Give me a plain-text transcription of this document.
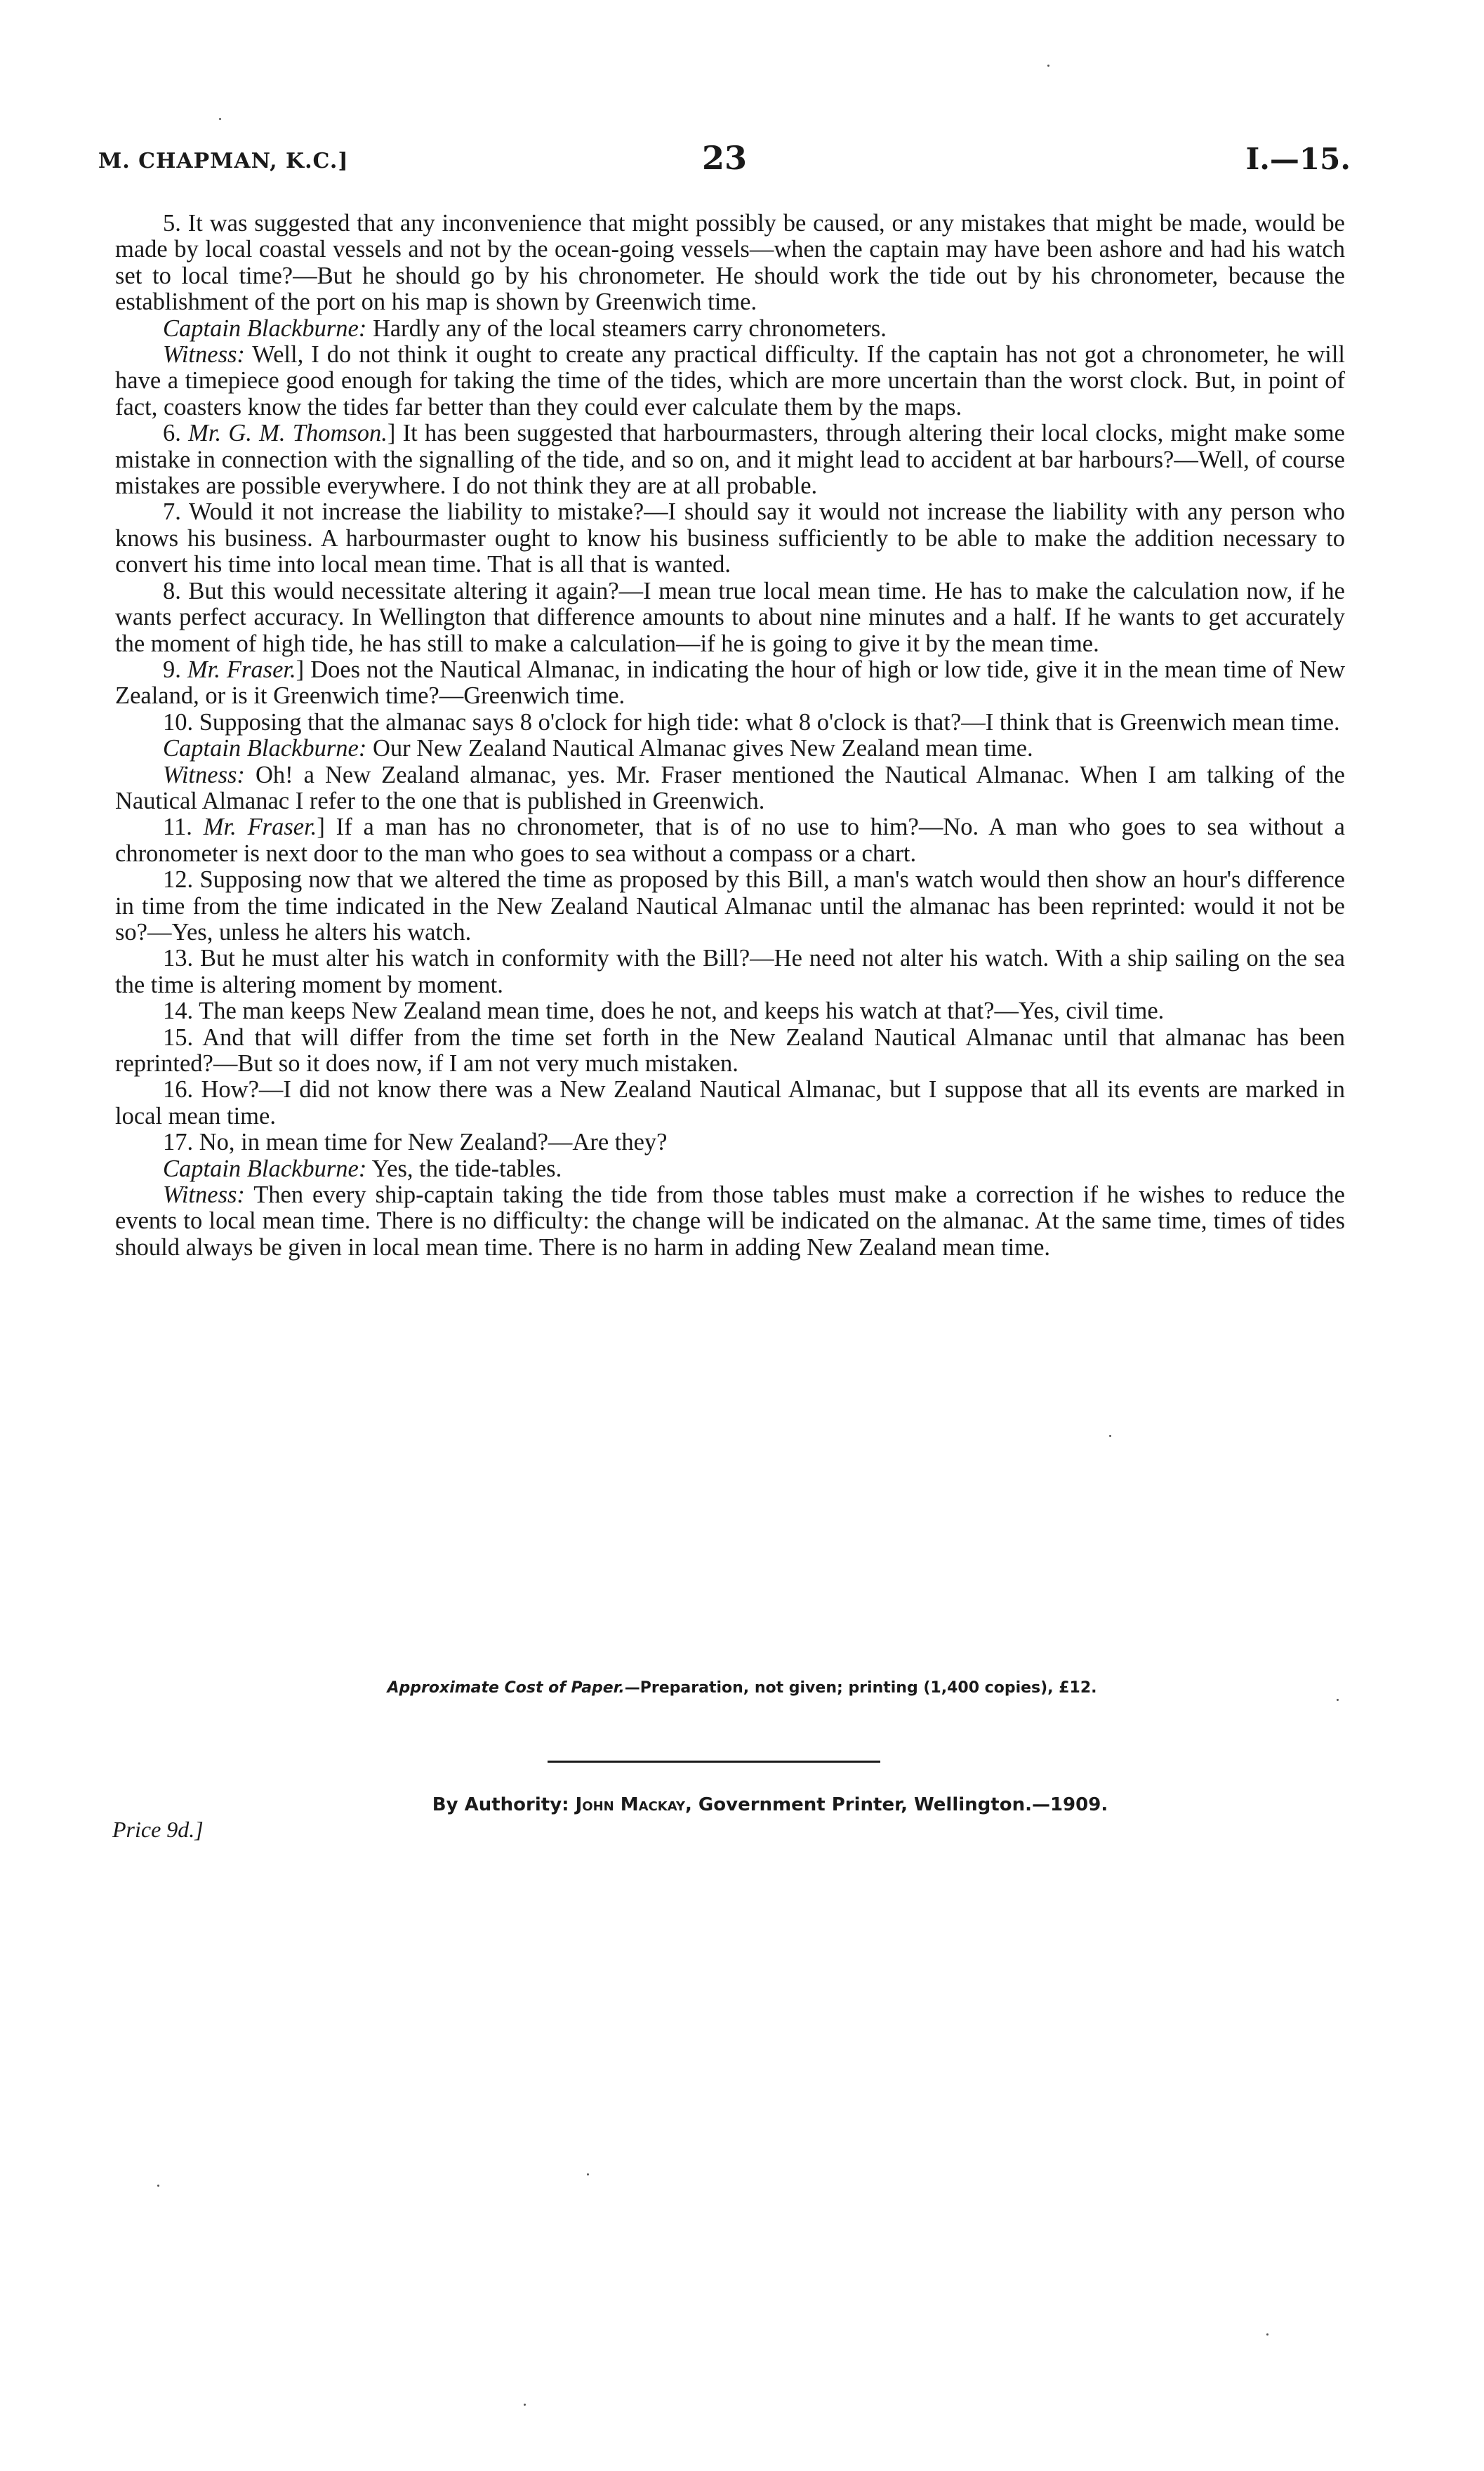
M. CHAPMAN, K.C.]	23	I.—15.

5. It was suggested that any inconvenience that might possibly be caused, or any mistakes that might be made, would be made by local coastal vessels and not by the ocean-going vessels—when the captain may have been ashore and had his watch set to local time?—But he should go by his chronometer. He should work the tide out by his chronometer, because the establishment of the port on his map is shown by Greenwich time.

Captain Blackburne: Hardly any of the local steamers carry chronometers.

Witness: Well, I do not think it ought to create any practical difficulty. If the captain has not got a chronometer, he will have a timepiece good enough for taking the time of the tides, which are more uncertain than the worst clock. But, in point of fact, coasters know the tides far better than they could ever calculate them by the maps.

6. Mr. G. M. Thomson.] It has been suggested that harbourmasters, through altering their local clocks, might make some mistake in connection with the signalling of the tide, and so on, and it might lead to accident at bar harbours?—Well, of course mistakes are possible everywhere. I do not think they are at all probable.

7. Would it not increase the liability to mistake?—I should say it would not increase the liability with any person who knows his business. A harbourmaster ought to know his business sufficiently to be able to make the addition necessary to convert his time into local mean time. That is all that is wanted.

8. But this would necessitate altering it again?—I mean true local mean time. He has to make the calculation now, if he wants perfect accuracy. In Wellington that difference amounts to about nine minutes and a half. If he wants to get accurately the moment of high tide, he has still to make a calculation—if he is going to give it by the mean time.

9. Mr. Fraser.] Does not the Nautical Almanac, in indicating the hour of high or low tide, give it in the mean time of New Zealand, or is it Greenwich time?—Greenwich time.

10. Supposing that the almanac says 8 o'clock for high tide: what 8 o'clock is that?—I think that is Greenwich mean time.

Captain Blackburne: Our New Zealand Nautical Almanac gives New Zealand mean time.

Witness: Oh! a New Zealand almanac, yes. Mr. Fraser mentioned the Nautical Almanac. When I am talking of the Nautical Almanac I refer to the one that is published in Greenwich.

11. Mr. Fraser.] If a man has no chronometer, that is of no use to him?—No. A man who goes to sea without a chronometer is next door to the man who goes to sea without a compass or a chart.

12. Supposing now that we altered the time as proposed by this Bill, a man's watch would then show an hour's difference in time from the time indicated in the New Zealand Nautical Almanac until the almanac has been reprinted: would it not be so?—Yes, unless he alters his watch.

13. But he must alter his watch in conformity with the Bill?—He need not alter his watch. With a ship sailing on the sea the time is altering moment by moment.

14. The man keeps New Zealand mean time, does he not, and keeps his watch at that?—Yes, civil time.

15. And that will differ from the time set forth in the New Zealand Nautical Almanac until that almanac has been reprinted?—But so it does now, if I am not very much mistaken.

16. How?—I did not know there was a New Zealand Nautical Almanac, but I suppose that all its events are marked in local mean time.

17. No, in mean time for New Zealand?—Are they?

Captain Blackburne: Yes, the tide-tables.

Witness: Then every ship-captain taking the tide from those tables must make a correction if he wishes to reduce the events to local mean time. There is no difficulty: the change will be indicated on the almanac. At the same time, times of tides should always be given in local mean time. There is no harm in adding New Zealand mean time.

Approximate Cost of Paper.—Preparation, not given; printing (1,400 copies), £12.
By Authority: John Mackay, Government Printer, Wellington.—1909.
Price 9d.]
